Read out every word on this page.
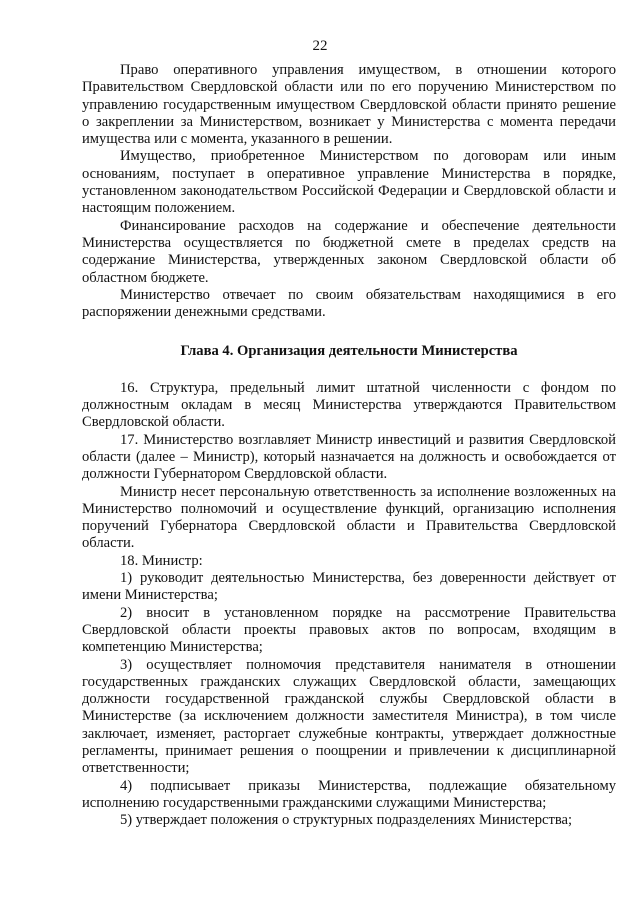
22

Право оперативного управления имуществом, в отношении которого Правительством Свердловской области или по его поручению Министерством по управлению государственным имуществом Свердловской области принято решение о закреплении за Министерством, возникает у Министерства с момента передачи имущества или с момента, указанного в решении.

Имущество, приобретенное Министерством по договорам или иным основаниям, поступает в оперативное управление Министерства в порядке, установленном законодательством Российской Федерации и Свердловской области и настоящим положением.

Финансирование расходов на содержание и обеспечение деятельности Министерства осуществляется по бюджетной смете в пределах средств на содержание Министерства, утвержденных законом Свердловской области об областном бюджете.

Министерство отвечает по своим обязательствам находящимися в его распоряжении денежными средствами.

Глава 4. Организация деятельности Министерства

16. Структура, предельный лимит штатной численности с фондом по должностным окладам в месяц Министерства утверждаются Правительством Свердловской области.

17. Министерство возглавляет Министр инвестиций и развития Свердловской области (далее – Министр), который назначается на должность и освобождается от должности Губернатором Свердловской области.

Министр несет персональную ответственность за исполнение возложенных на Министерство полномочий и осуществление функций, организацию исполнения поручений Губернатора Свердловской области и Правительства Свердловской области.

18. Министр:

1) руководит деятельностью Министерства, без доверенности действует от имени Министерства;

2) вносит в установленном порядке на рассмотрение Правительства Свердловской области проекты правовых актов по вопросам, входящим в компетенцию Министерства;

3) осуществляет полномочия представителя нанимателя в отношении государственных гражданских служащих Свердловской области, замещающих должности государственной гражданской службы Свердловской области в Министерстве (за исключением должности заместителя Министра), в том числе заключает, изменяет, расторгает служебные контракты, утверждает должностные регламенты, принимает решения о поощрении и привлечении к дисциплинарной ответственности;

4) подписывает приказы Министерства, подлежащие обязательному исполнению государственными гражданскими служащими Министерства;

5) утверждает положения о структурных подразделениях Министерства;
